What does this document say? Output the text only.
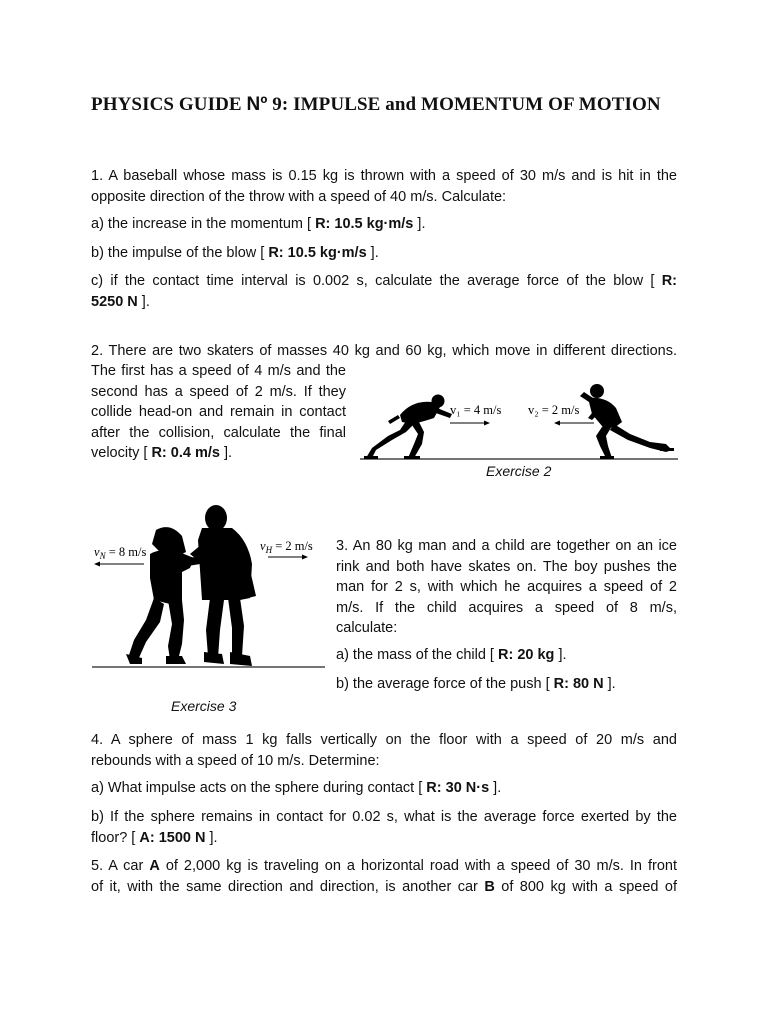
PHYSICS GUIDE Nº 9: IMPULSE and MOMENTUM OF MOTION
1. A baseball whose mass is 0.15 kg is thrown with a speed of 30 m/s and is hit in the
opposite direction of the throw with a speed of 40 m/s. Calculate:
a) the increase in the momentum [ R: 10.5 kg·m/s ].
b) the impulse of the blow [ R: 10.5 kg·m/s ].
c) if the contact time interval is 0.002 s, calculate the average force of the blow [ R:
5250 N ].
2. There are two skaters of masses 40 kg and 60 kg, which move in different directions.
The first has a speed of 4 m/s and the
second has a speed of 2 m/s. If they
collide head-on and remain in contact
after the collision, calculate the final
velocity [ R: 0.4 m/s ].
v₁ = 4 m/s v₂ = 2 m/s
Exercise 2
$v_N = 8$ m/s	$v_H = 2$ m/s
Exercise 3
3. An 80 kg man and a child are together on an ice
rink and both have skates on. The boy pushes the
man for 2 s, with which he acquires a speed of 2
m/s. If the child acquires a speed of 8 m/s,
calculate:
a) the mass of the child [ R: 20 kg ].
b) the average force of the push [ R: 80 N ].
4. A sphere of mass 1 kg falls vertically on the floor with a speed of 20 m/s and
rebounds with a speed of 10 m/s. Determine:
a) What impulse acts on the sphere during contact [ R: 30 N·s ].
b) If the sphere remains in contact for 0.02 s, what is the average force exerted by the
floor? [ A: 1500 N ].
5. A car A of 2,000 kg is traveling on a horizontal road with a speed of 30 m/s. In front
of it, with the same direction and direction, is another car B of 800 kg with a speed of
